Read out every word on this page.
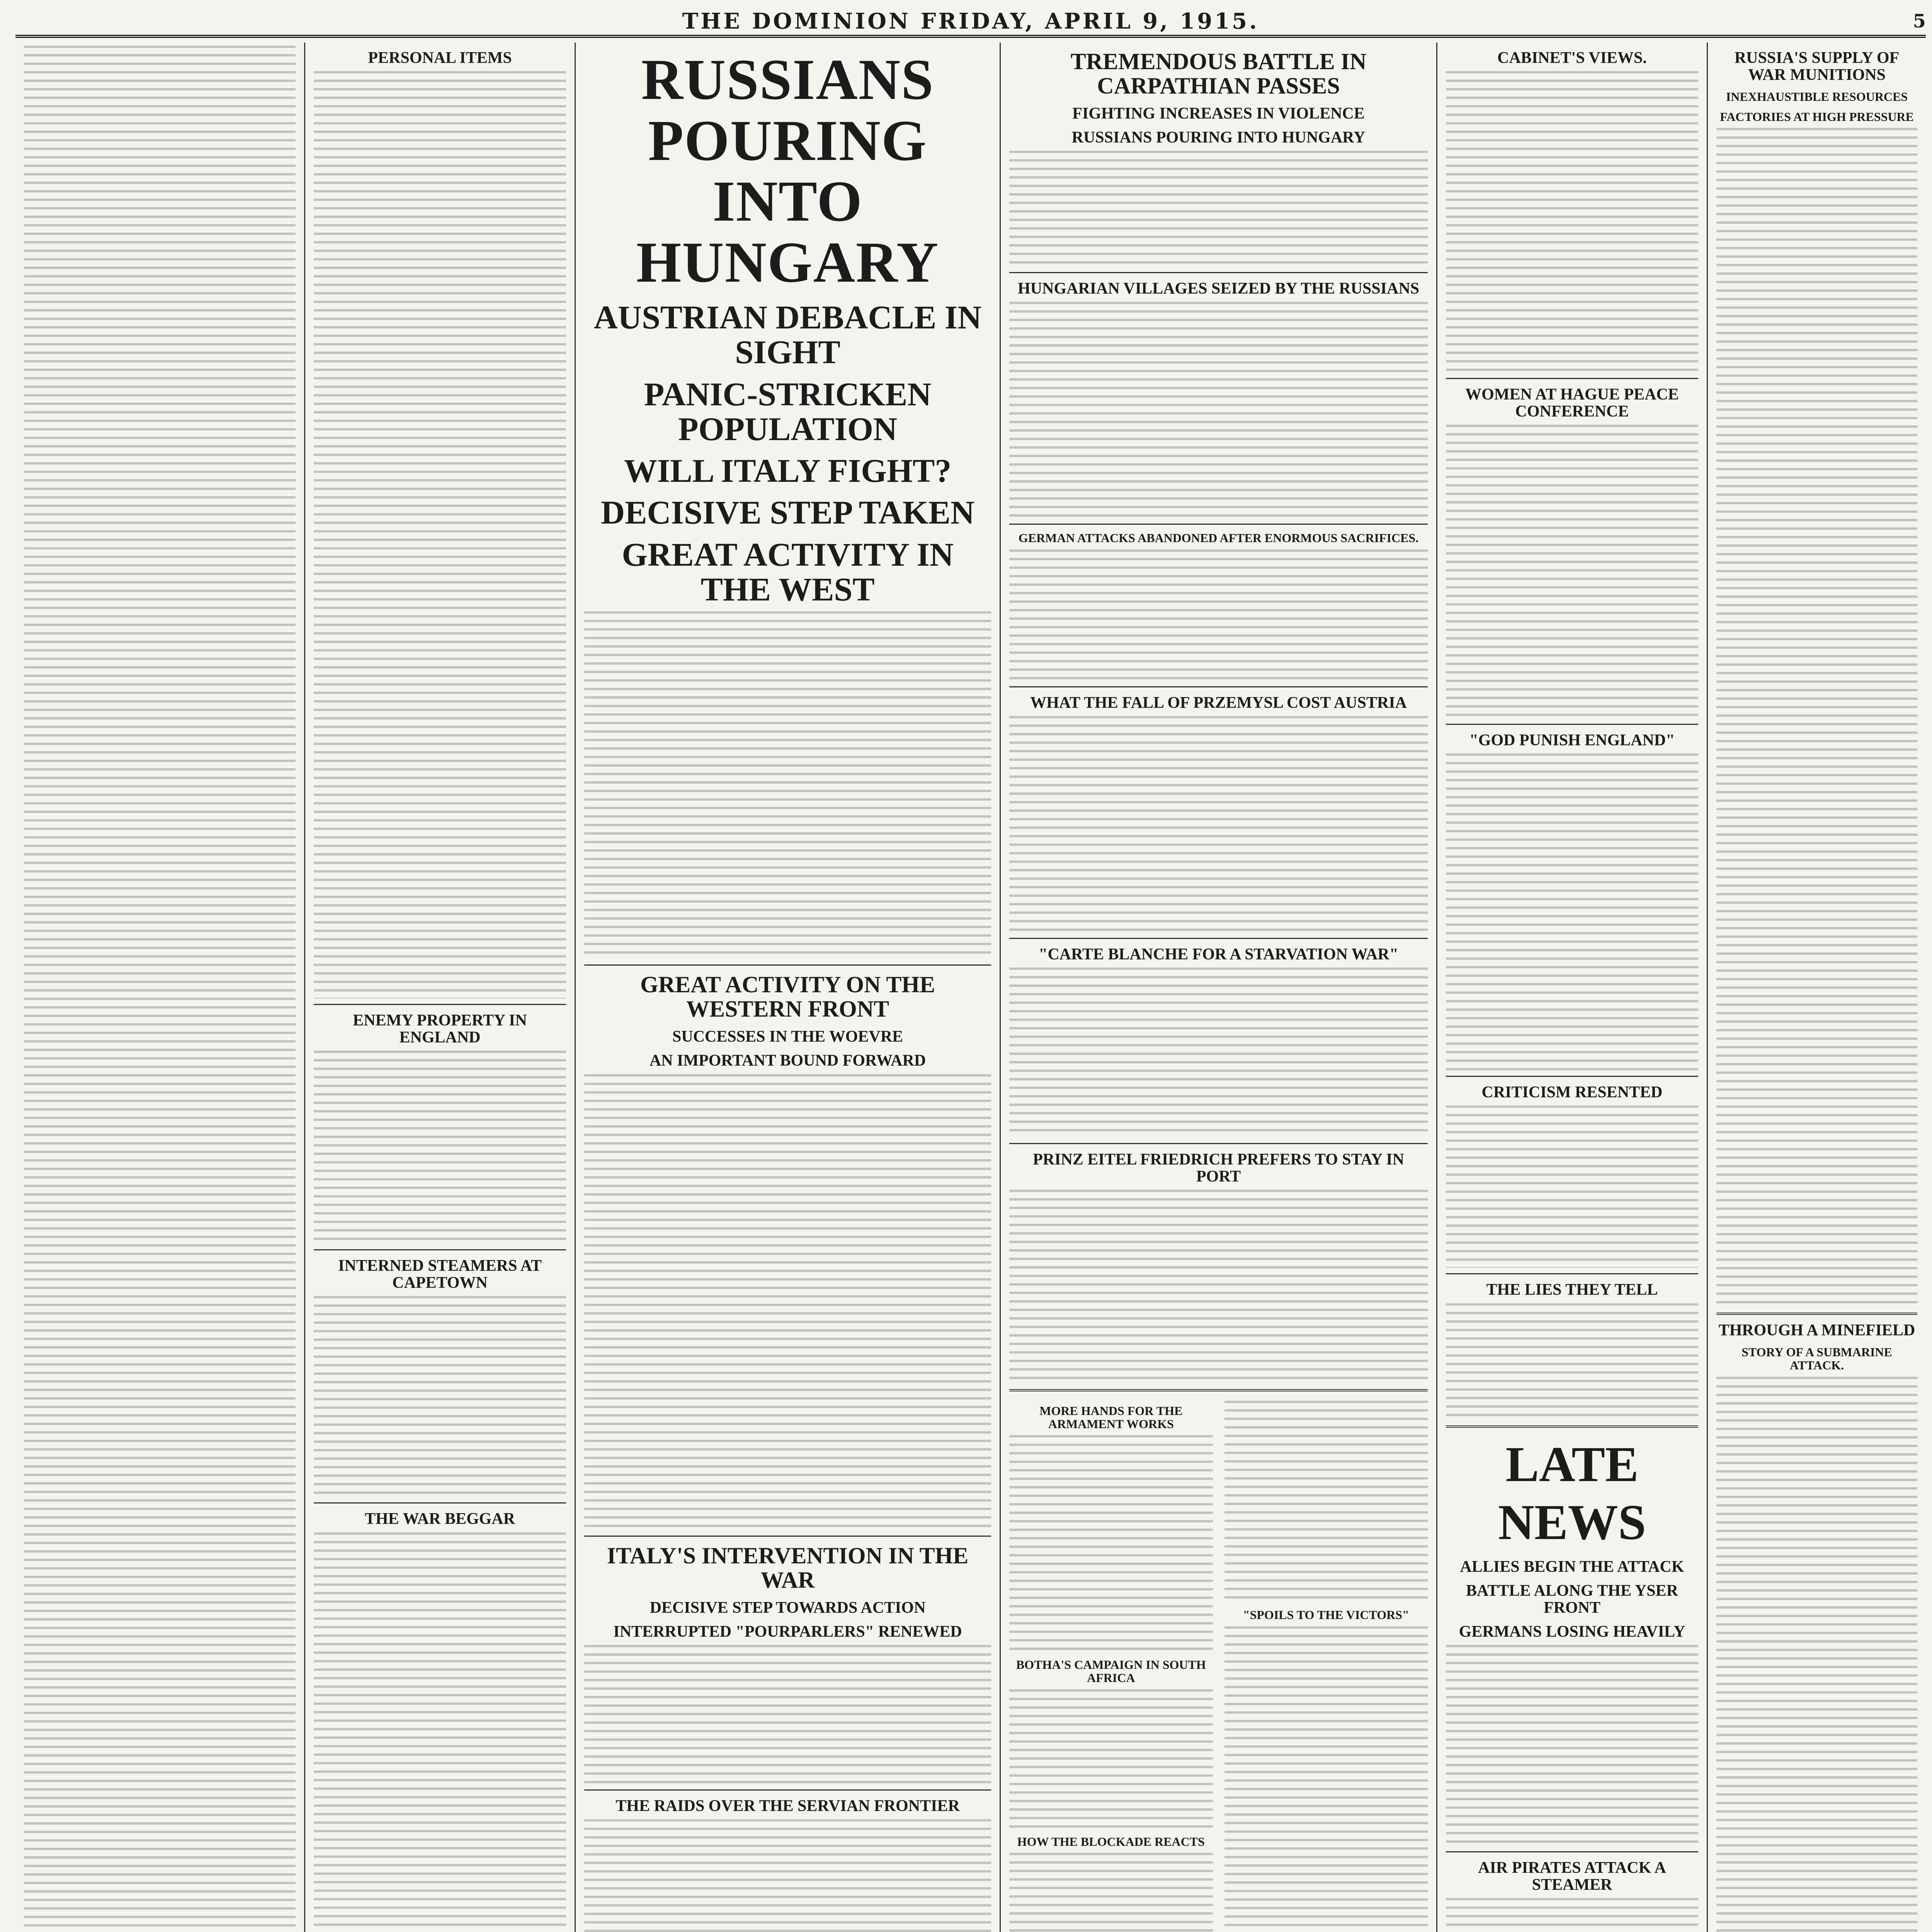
THE DOMINION FRIDAY, APRIL 9, 1915.	5
PERSONAL ITEMS
ENEMY PROPERTY IN ENGLAND
INTERNED STEAMERS AT CAPETOWN
THE WAR BEGGAR
RUSSIANS POURING INTO HUNGARY
AUSTRIAN DEBACLE IN SIGHT
PANIC-STRICKEN POPULATION
WILL ITALY FIGHT?
DECISIVE STEP TAKEN
GREAT ACTIVITY IN THE WEST
GREAT ACTIVITY ON THE WESTERN FRONT
SUCCESSES IN THE WOEVRE
AN IMPORTANT BOUND FORWARD
ITALY'S INTERVENTION IN THE WAR
DECISIVE STEP TOWARDS ACTION
INTERRUPTED "POURPARLERS" RENEWED
THE RAIDS OVER THE SERVIAN FRONTIER
TREMENDOUS BATTLE IN CARPATHIAN PASSES
FIGHTING INCREASES IN VIOLENCE
RUSSIANS POURING INTO HUNGARY
HUNGARIAN VILLAGES SEIZED BY THE RUSSIANS
GERMAN ATTACKS ABANDONED AFTER ENORMOUS SACRIFICES.
WHAT THE FALL OF PRZEMYSL COST AUSTRIA
"CARTE BLANCHE FOR A STARVATION WAR"
PRINZ EITEL FRIEDRICH PREFERS TO STAY IN PORT
MORE HANDS FOR THE ARMAMENT WORKS
BOTHA'S CAMPAIGN IN SOUTH AFRICA
HOW THE BLOCKADE REACTS
"SPOILS TO THE VICTORS"
CABINET'S VIEWS.
WOMEN AT HAGUE PEACE CONFERENCE
"GOD PUNISH ENGLAND"
CRITICISM RESENTED
THE LIES THEY TELL
LATE NEWS
ALLIES BEGIN THE ATTACK
BATTLE ALONG THE YSER FRONT
GERMANS LOSING HEAVILY
AIR PIRATES ATTACK A STEAMER
RUSSIA'S SUPPLY OF WAR MUNITIONS
INEXHAUSTIBLE RESOURCES
FACTORIES AT HIGH PRESSURE
THROUGH A MINEFIELD
STORY OF A SUBMARINE ATTACK.
